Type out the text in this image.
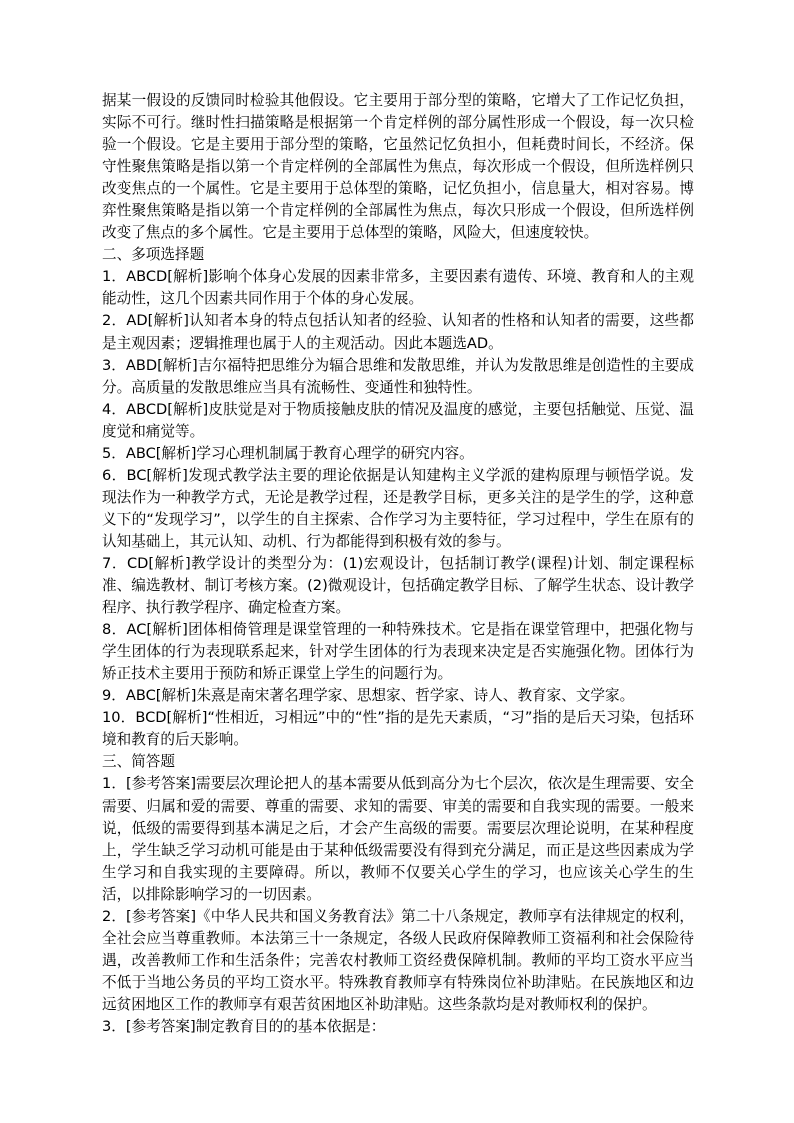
据某一假设的反馈同时检验其他假设。它主要用于部分型的策略，它增大了工作记忆负担，实际不可行。继时性扫描策略是根据第一个肯定样例的部分属性形成一个假设，每一次只检验一个假设。它是主要用于部分型的策略，它虽然记忆负担小，但耗费时间长，不经济。保守性聚焦策略是指以第一个肯定样例的全部属性为焦点，每次形成一个假设，但所选样例只改变焦点的一个属性。它是主要用于总体型的策略，记忆负担小，信息量大，相对容易。博弈性聚焦策略是指以第一个肯定样例的全部属性为焦点，每次只形成一个假设，但所选样例改变了焦点的多个属性。它是主要用于总体型的策略，风险大，但速度较快。

二、多项选择题

1．ABCD[解析]影响个体身心发展的因素非常多，主要因素有遗传、环境、教育和人的主观能动性，这几个因素共同作用于个体的身心发展。

2．AD[解析]认知者本身的特点包括认知者的经验、认知者的性格和认知者的需要，这些都是主观因素；逻辑推理也属于人的主观活动。因此本题选AD。

3．ABD[解析]吉尔福特把思维分为辐合思维和发散思维，并认为发散思维是创造性的主要成分。高质量的发散思维应当具有流畅性、变通性和独特性。

4．ABCD[解析]皮肤觉是对于物质接触皮肤的情况及温度的感觉，主要包括触觉、压觉、温度觉和痛觉等。

5．ABC[解析]学习心理机制属于教育心理学的研究内容。

6．BC[解析]发现式教学法主要的理论依据是认知建构主义学派的建构原理与顿悟学说。发现法作为一种教学方式，无论是教学过程，还是教学目标，更多关注的是学生的学，这种意义下的“发现学习”，以学生的自主探索、合作学习为主要特征，学习过程中，学生在原有的认知基础上，其元认知、动机、行为都能得到积极有效的参与。

7．CD[解析]教学设计的类型分为：(1)宏观设计，包括制订教学(课程)计划、制定课程标准、编选教材、制订考核方案。(2)微观设计，包括确定教学目标、了解学生状态、设计教学程序、执行教学程序、确定检查方案。

8．AC[解析]团体相倚管理是课堂管理的一种特殊技术。它是指在课堂管理中，把强化物与学生团体的行为表现联系起来，针对学生团体的行为表现来决定是否实施强化物。团体行为矫正技术主要用于预防和矫正课堂上学生的问题行为。

9．ABC[解析]朱熹是南宋著名理学家、思想家、哲学家、诗人、教育家、文学家。

10．BCD[解析]“性相近，习相远”中的“性”指的是先天素质，“习”指的是后天习染，包括环境和教育的后天影响。

三、简答题

1．[参考答案]需要层次理论把人的基本需要从低到高分为七个层次，依次是生理需要、安全需要、归属和爱的需要、尊重的需要、求知的需要、审美的需要和自我实现的需要。一般来说，低级的需要得到基本满足之后，才会产生高级的需要。需要层次理论说明，在某种程度上，学生缺乏学习动机可能是由于某种低级需要没有得到充分满足，而正是这些因素成为学生学习和自我实现的主要障碍。所以，教师不仅要关心学生的学习，也应该关心学生的生活，以排除影响学习的一切因素。

2．[参考答案]《中华人民共和国义务教育法》第二十八条规定，教师享有法律规定的权利，全社会应当尊重教师。本法第三十一条规定，各级人民政府保障教师工资福利和社会保险待遇，改善教师工作和生活条件；完善农村教师工资经费保障机制。教师的平均工资水平应当不低于当地公务员的平均工资水平。特殊教育教师享有特殊岗位补助津贴。在民族地区和边远贫困地区工作的教师享有艰苦贫困地区补助津贴。这些条款均是对教师权利的保护。

3．[参考答案]制定教育目的的基本依据是：
